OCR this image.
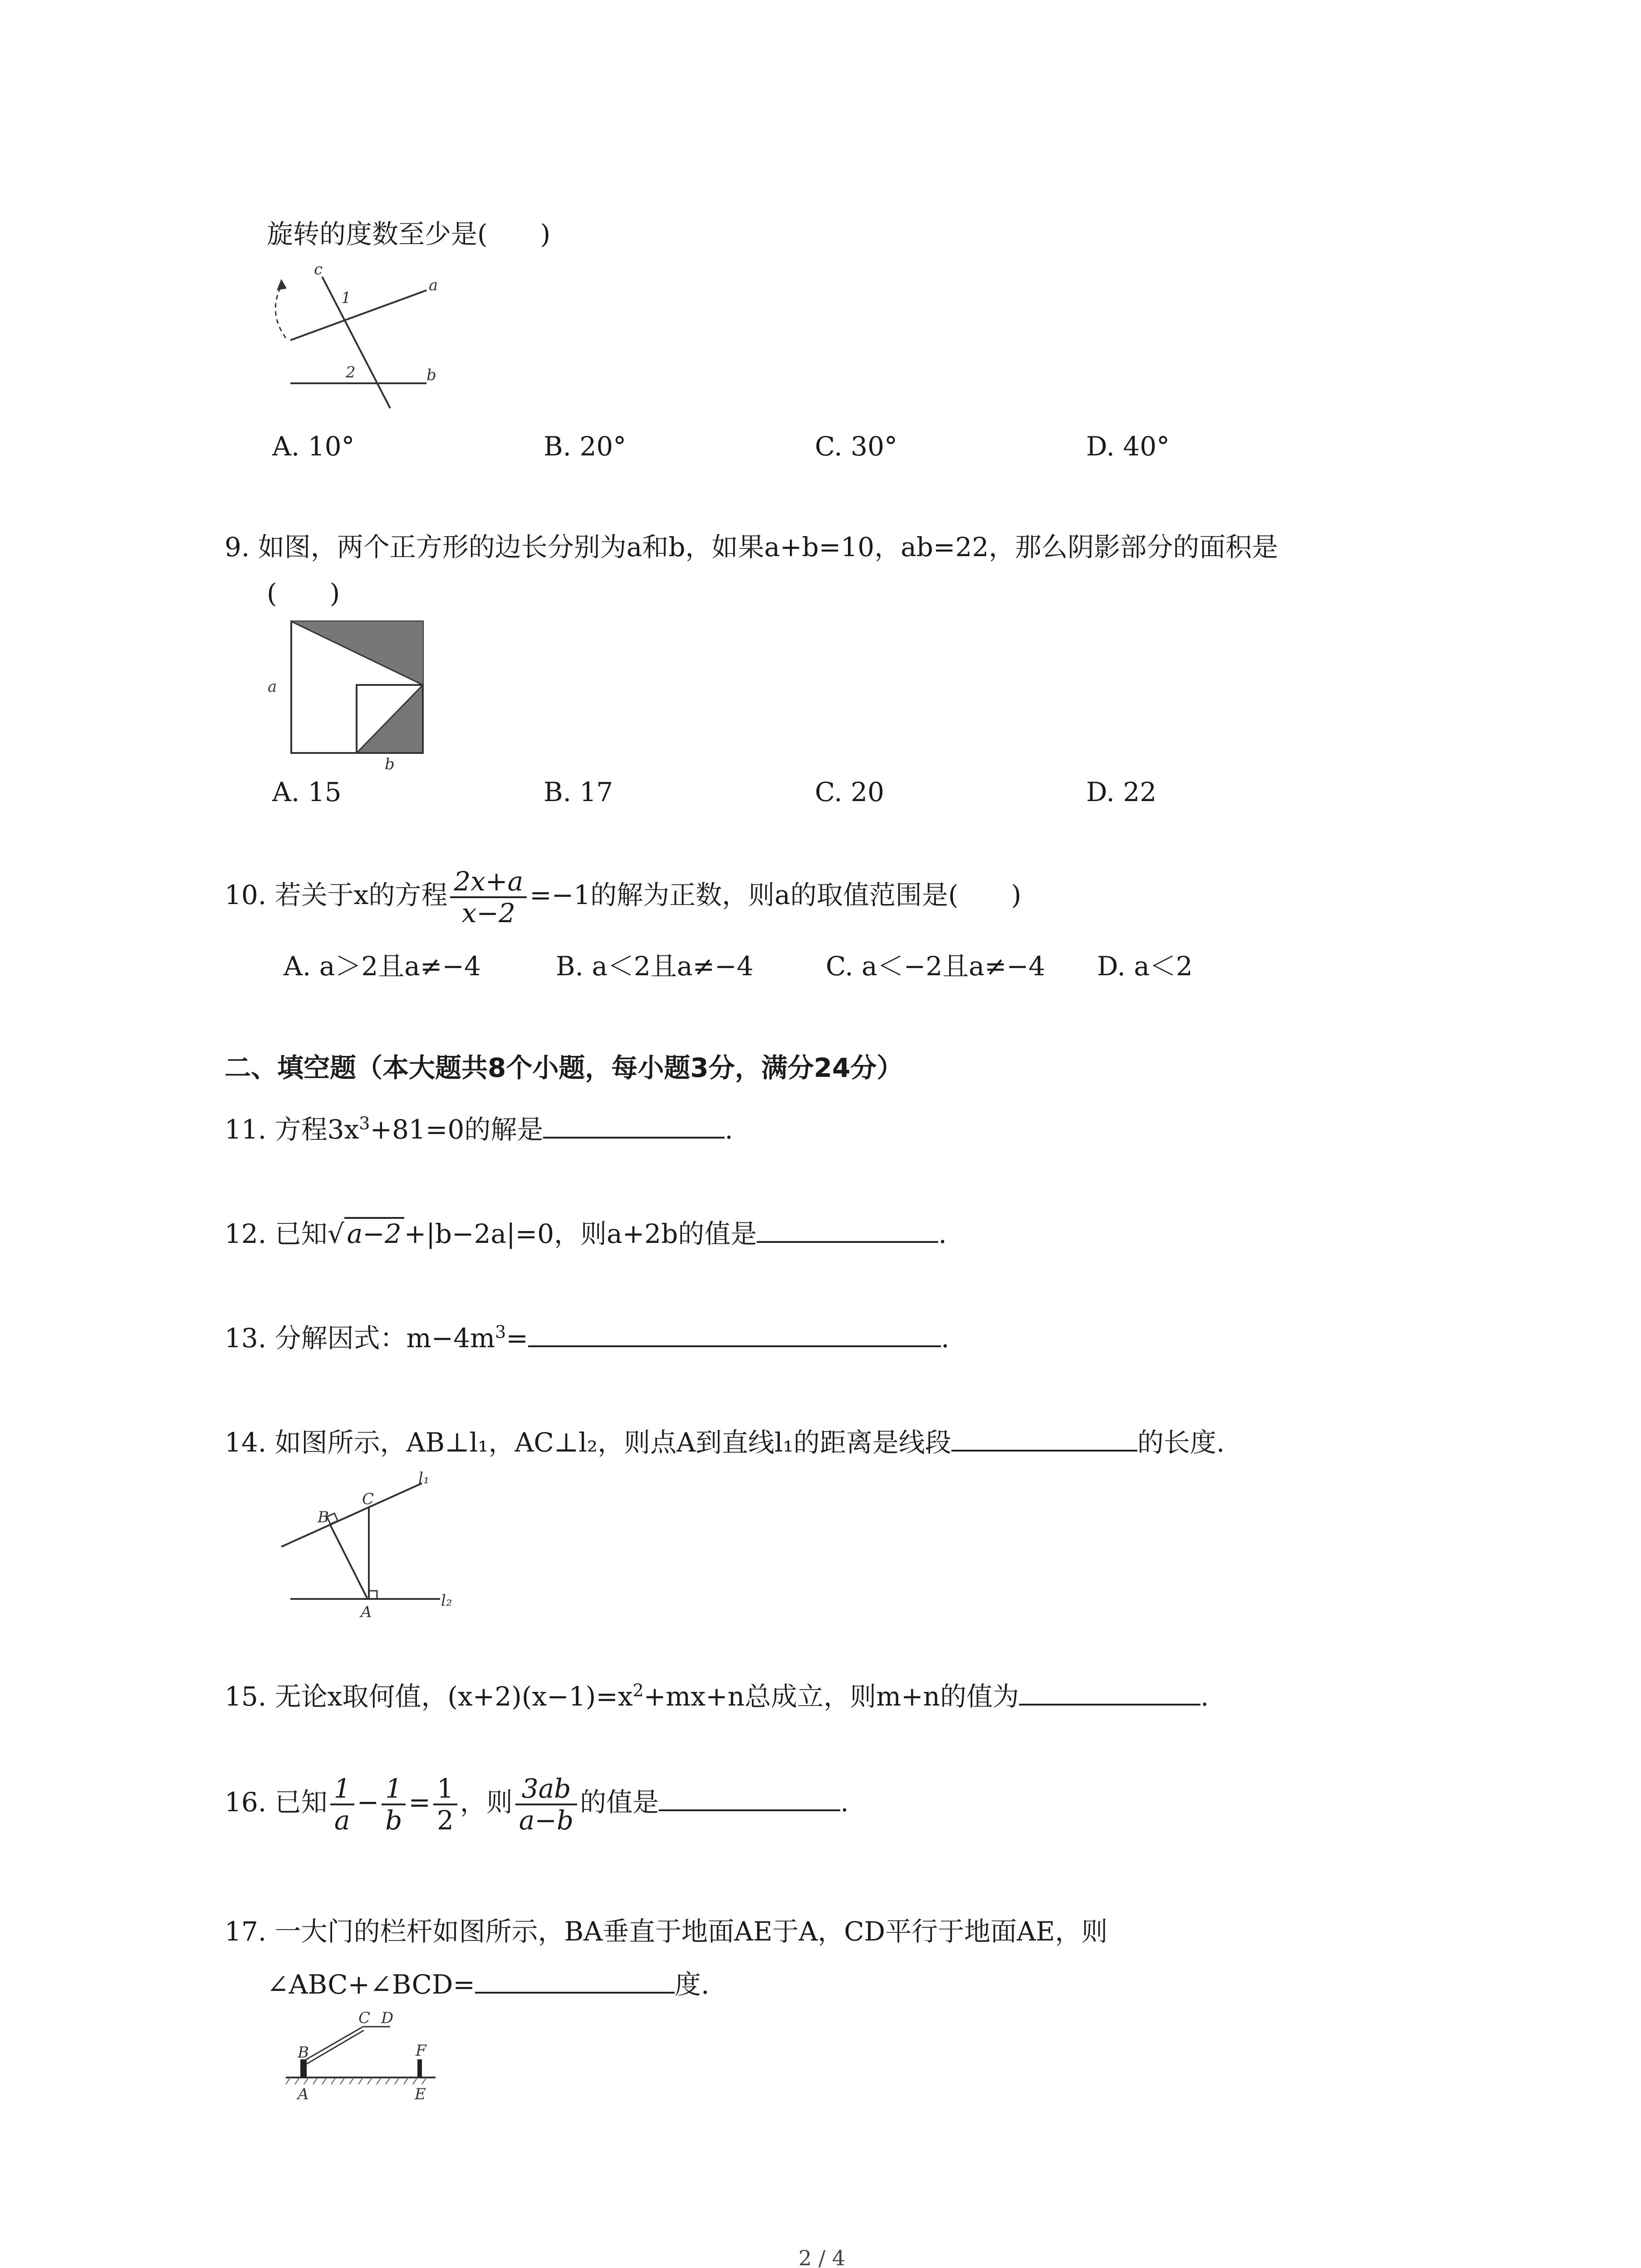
旋转的度数至少是(　　)
c
a
b
1
2
A. 10°	B. 20°	C. 30°	D. 40°
9. 如图，两个正方形的边长分别为a和b，如果a+b=10，ab=22，那么阴影部分的面积是
(　　)
a
b
A. 15	B. 17	C. 20	D. 22
10. 若关于x的方程 $\frac{2x+a}{x-2} =-1$的解为正数，则a的取值范围是(　　)
A. a＞2且a≠−4	B. a＜2且a≠−4	C. a＜−2且a≠−4 D. a＜2
二、填空题（本大题共8个小题，每小题3分，满分24分）
11. 方程$3x^3+81=0$的解是	.
12. 已知√ a−2 +|b−2a|=0，则a+2b的值是	.
13. 分解因式：$m-4m^3=$	.
14. 如图所示，AB⊥l₁，AC⊥l₂，则点A到直线l₁的距离是线段	的长度.
B
C
A
l₁
l₂
15. 无论x取何值，$(x+2)(x-1)=x^2+mx+n$总成立，则m+n的值为	.
16. 已知 $\frac{1}{a} - \frac{1}{b} = \frac{1}{2}$ ，则 $\frac{3ab}{a-b}$ 的值是	.
17. 一大门的栏杆如图所示，BA垂直于地面AE于A，CD平行于地面AE，则
∠ABC+∠BCD=	度.
B
C D
F
A	E
2 / 4
